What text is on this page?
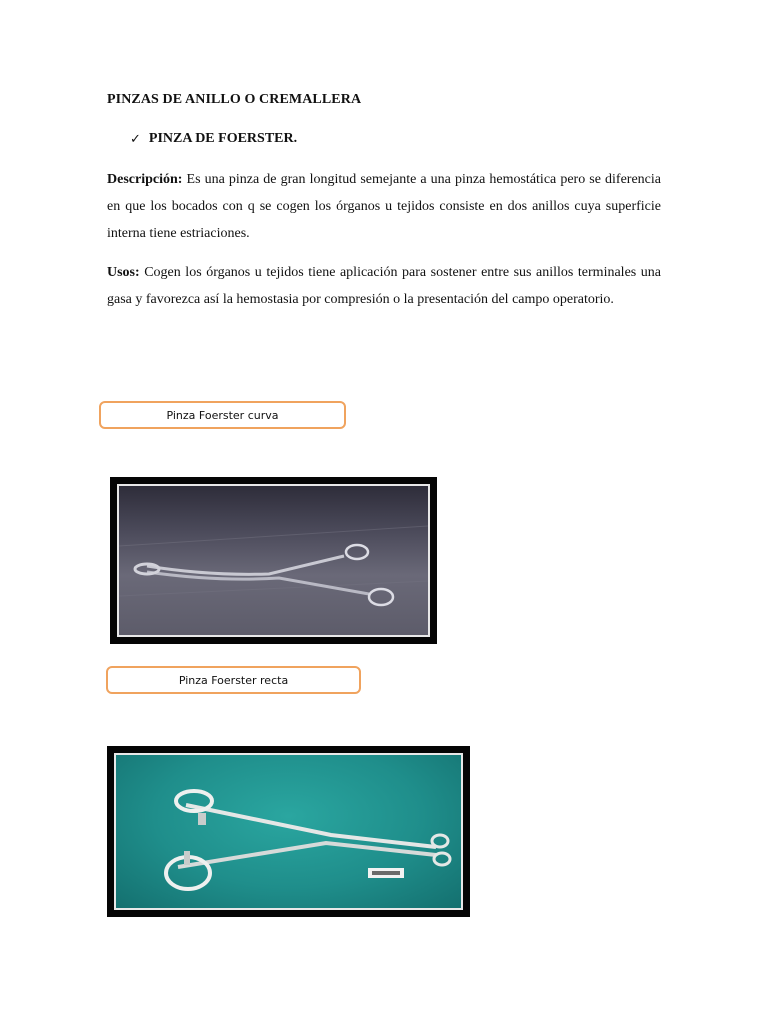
PINZAS DE ANILLO O CREMALLERA
✓ PINZA DE FOERSTER.

Descripción: Es una pinza de gran longitud semejante a una pinza hemostática pero se diferencia en que los bocados con q se cogen los órganos u tejidos consiste en dos anillos cuya superficie interna tiene estriaciones.

Usos: Cogen los órganos u tejidos tiene aplicación para sostener entre sus anillos terminales una gasa y favorezca así la hemostasia por compresión o la presentación del campo operatorio.

Pinza Foerster curva
Pinza Foerster recta
